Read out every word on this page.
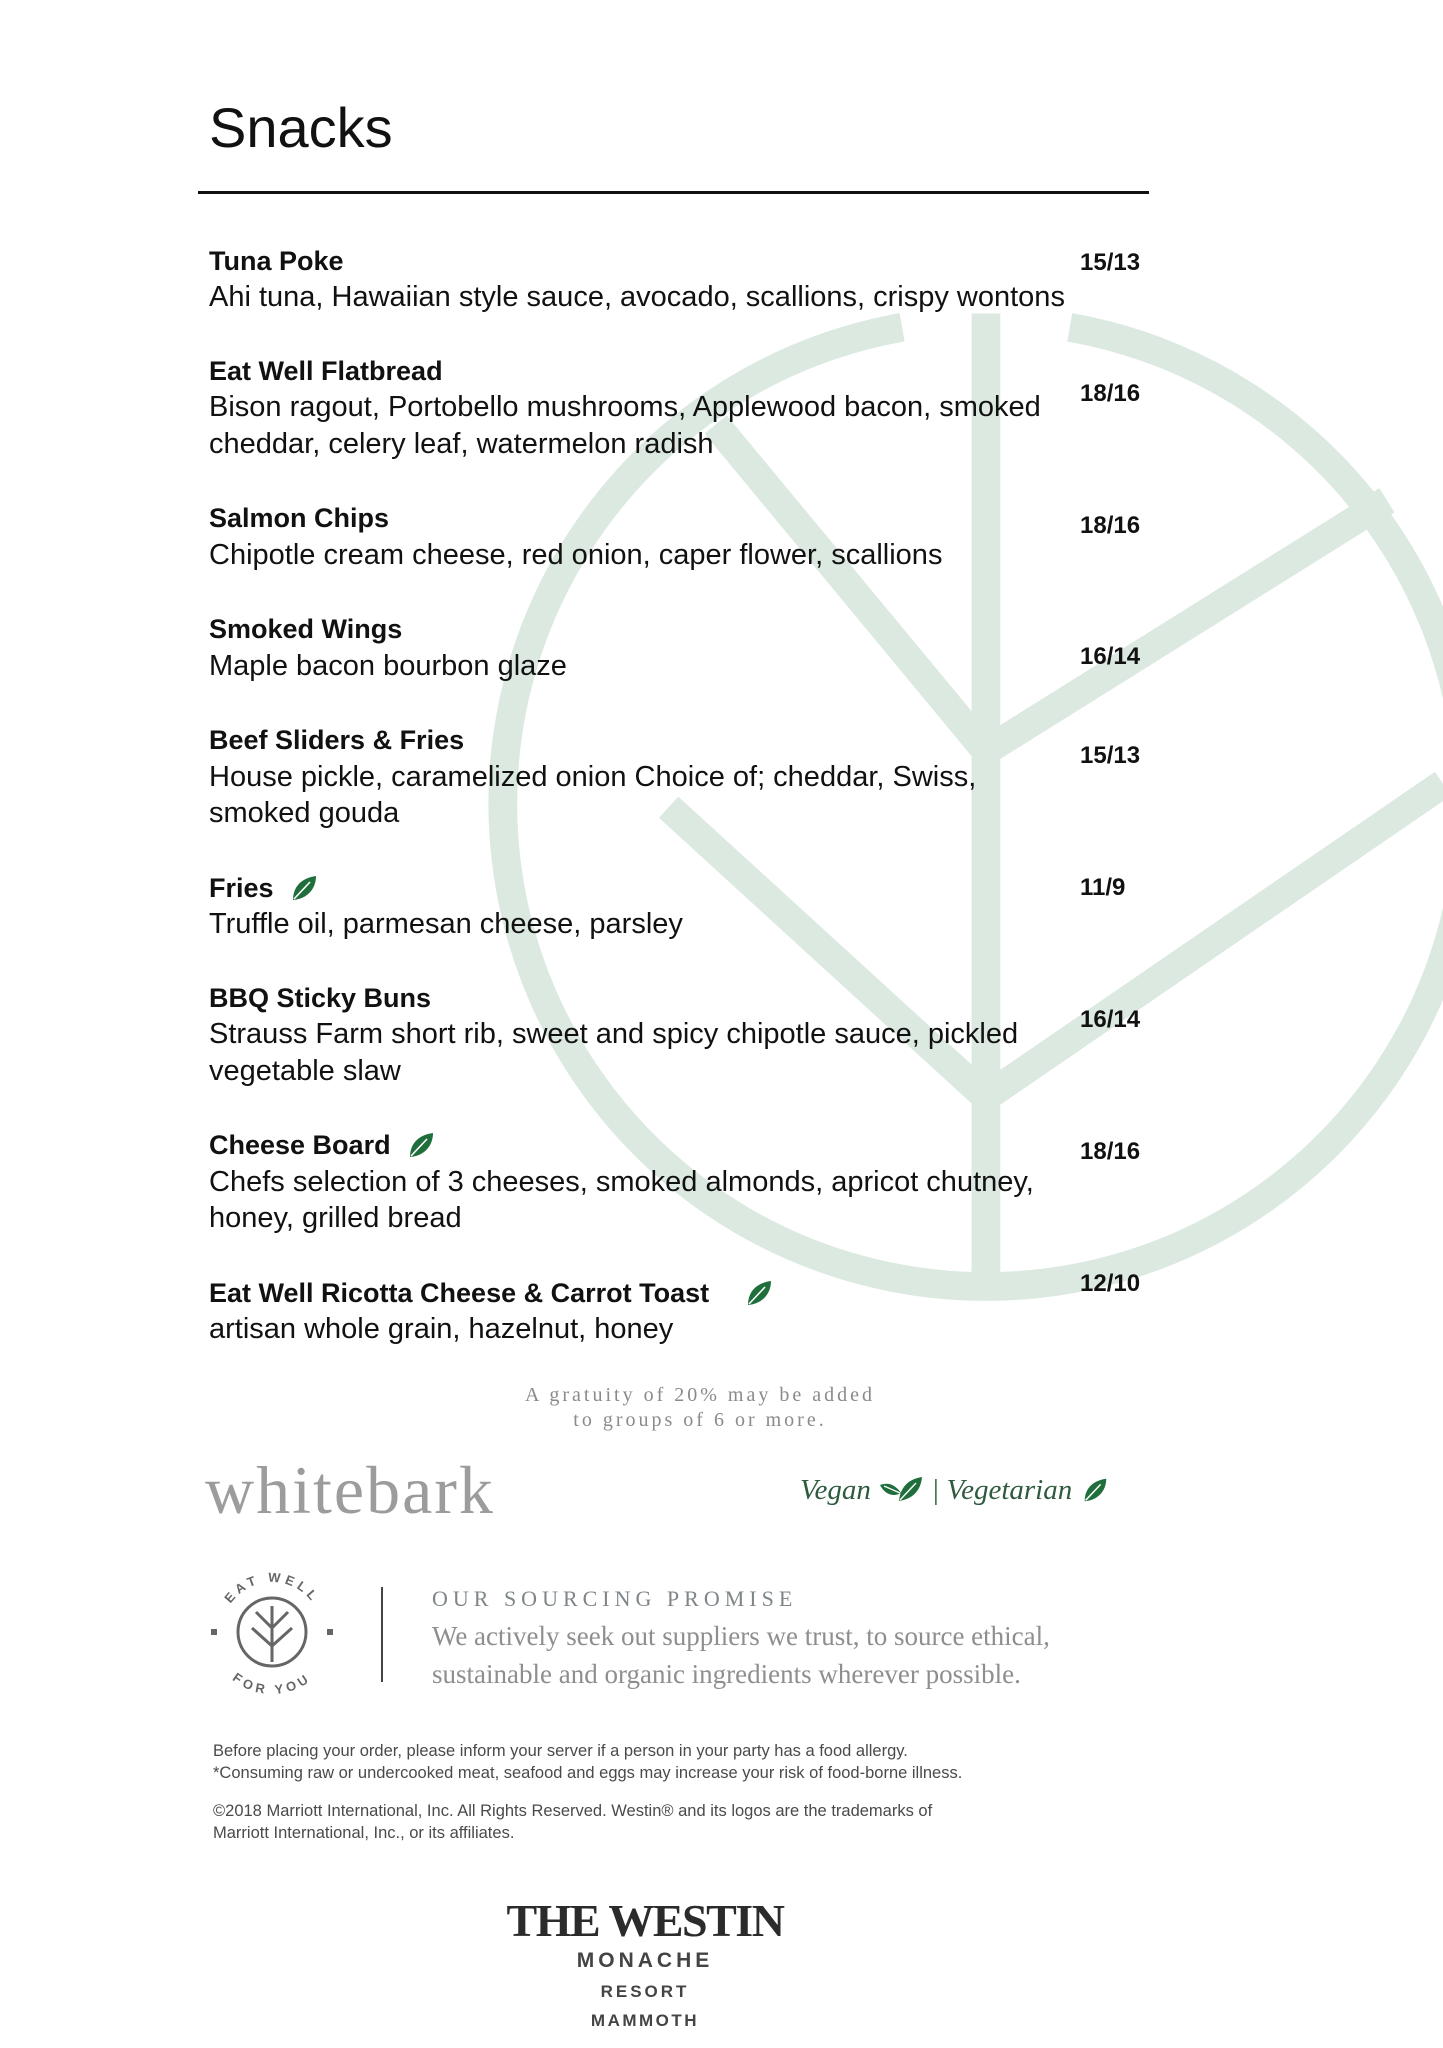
Snacks
Tuna Poke
Ahi tuna, Hawaiian style sauce, avocado, scallions, crispy wontons
15/13
Eat Well Flatbread
Bison ragout, Portobello mushrooms, Applewood bacon, smoked
cheddar, celery leaf, watermelon radish
18/16
Salmon Chips
Chipotle cream cheese, red onion, caper flower, scallions
18/16
Smoked Wings
Maple bacon bourbon glaze	16/14
Beef Sliders & Fries
House pickle, caramelized onion Choice of; cheddar, Swiss,
smoked gouda
15/13
Fries
Truffle oil, parmesan cheese, parsley
11/9
BBQ Sticky Buns
Strauss Farm short rib, sweet and spicy chipotle sauce, pickled
vegetable slaw
16/14
Cheese Board
Chefs selection of 3 cheeses, smoked almonds, apricot chutney,
honey, grilled bread
18/16
Eat Well Ricotta Cheese & Carrot Toast
artisan whole grain, hazelnut, honey
12/10
A gratuity of 20% may be added
to groups of 6 or more.
whitebark	Vegan | Vegetarian
EAT WELL
FOR YOU
OUR SOURCING PROMISE
We actively seek out suppliers we trust, to source ethical,
sustainable and organic ingredients wherever possible.
Before placing your order, please inform your server if a person in your party has a food allergy.
*Consuming raw or undercooked meat, seafood and eggs may increase your risk of food-borne illness.
©2018 Marriott International, Inc. All Rights Reserved. Westin® and its logos are the trademarks of
Marriott International, Inc., or its affiliates.
THE WESTIN
MONACHE
RESORT
MAMMOTH
